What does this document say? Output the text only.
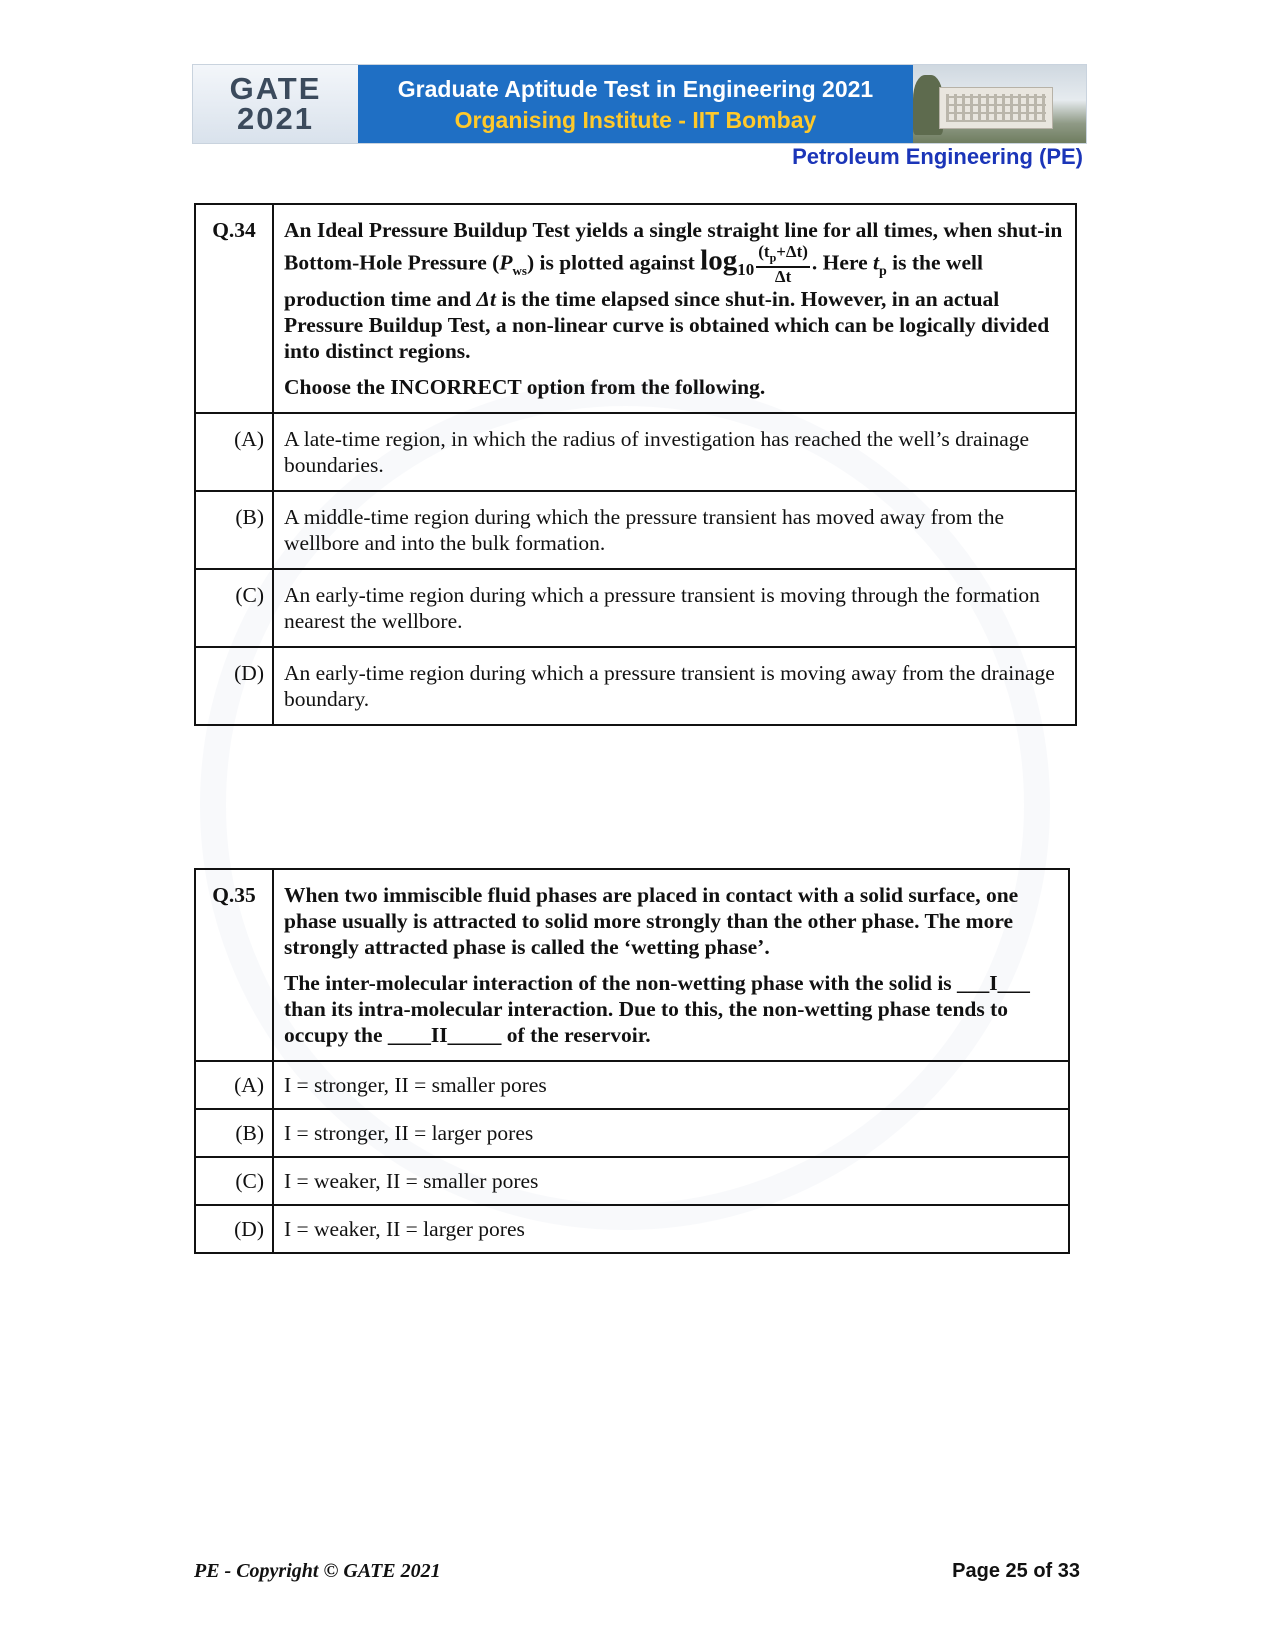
GATE
2021
Graduate Aptitude Test in Engineering 2021
Organising Institute - IIT Bombay
Petroleum Engineering (PE)
Q.34	An Ideal Pressure Buildup Test yields a single straight line for all times, when shut-in Bottom-Hole Pressure $(P_{ws})$ is plotted against $\log_{10} \frac{(t_p+\Delta t)}{\Delta t}$ . Here $t_p$ is the well production time and Δt is the time elapsed since shut-in. However, in an actual Pressure Buildup Test, a non-linear curve is obtained which can be logically divided into distinct regions.
Choose the INCORRECT option from the following.

(A)	A late-time region, in which the radius of investigation has reached the well’s drainage boundaries.
(B)	A middle-time region during which the pressure transient has moved away from the wellbore and into the bulk formation.
(C)	An early-time region during which a pressure transient is moving through the formation nearest the wellbore.
(D)	An early-time region during which a pressure transient is moving away from the drainage boundary.
Q.35	When two immiscible fluid phases are placed in contact with a solid surface, one phase usually is attracted to solid more strongly than the other phase. The more strongly attracted phase is called the ‘wetting phase’.
The inter-molecular interaction of the non-wetting phase with the solid is ___I___ than its intra-molecular interaction. Due to this, the non-wetting phase tends to occupy the ____II_____ of the reservoir.

(A)	I = stronger, II = smaller pores
(B)	I = stronger, II = larger pores
(C)	I = weaker, II = smaller pores
(D)	I = weaker, II = larger pores
PE - Copyright © GATE 2021	Page 25 of 33
